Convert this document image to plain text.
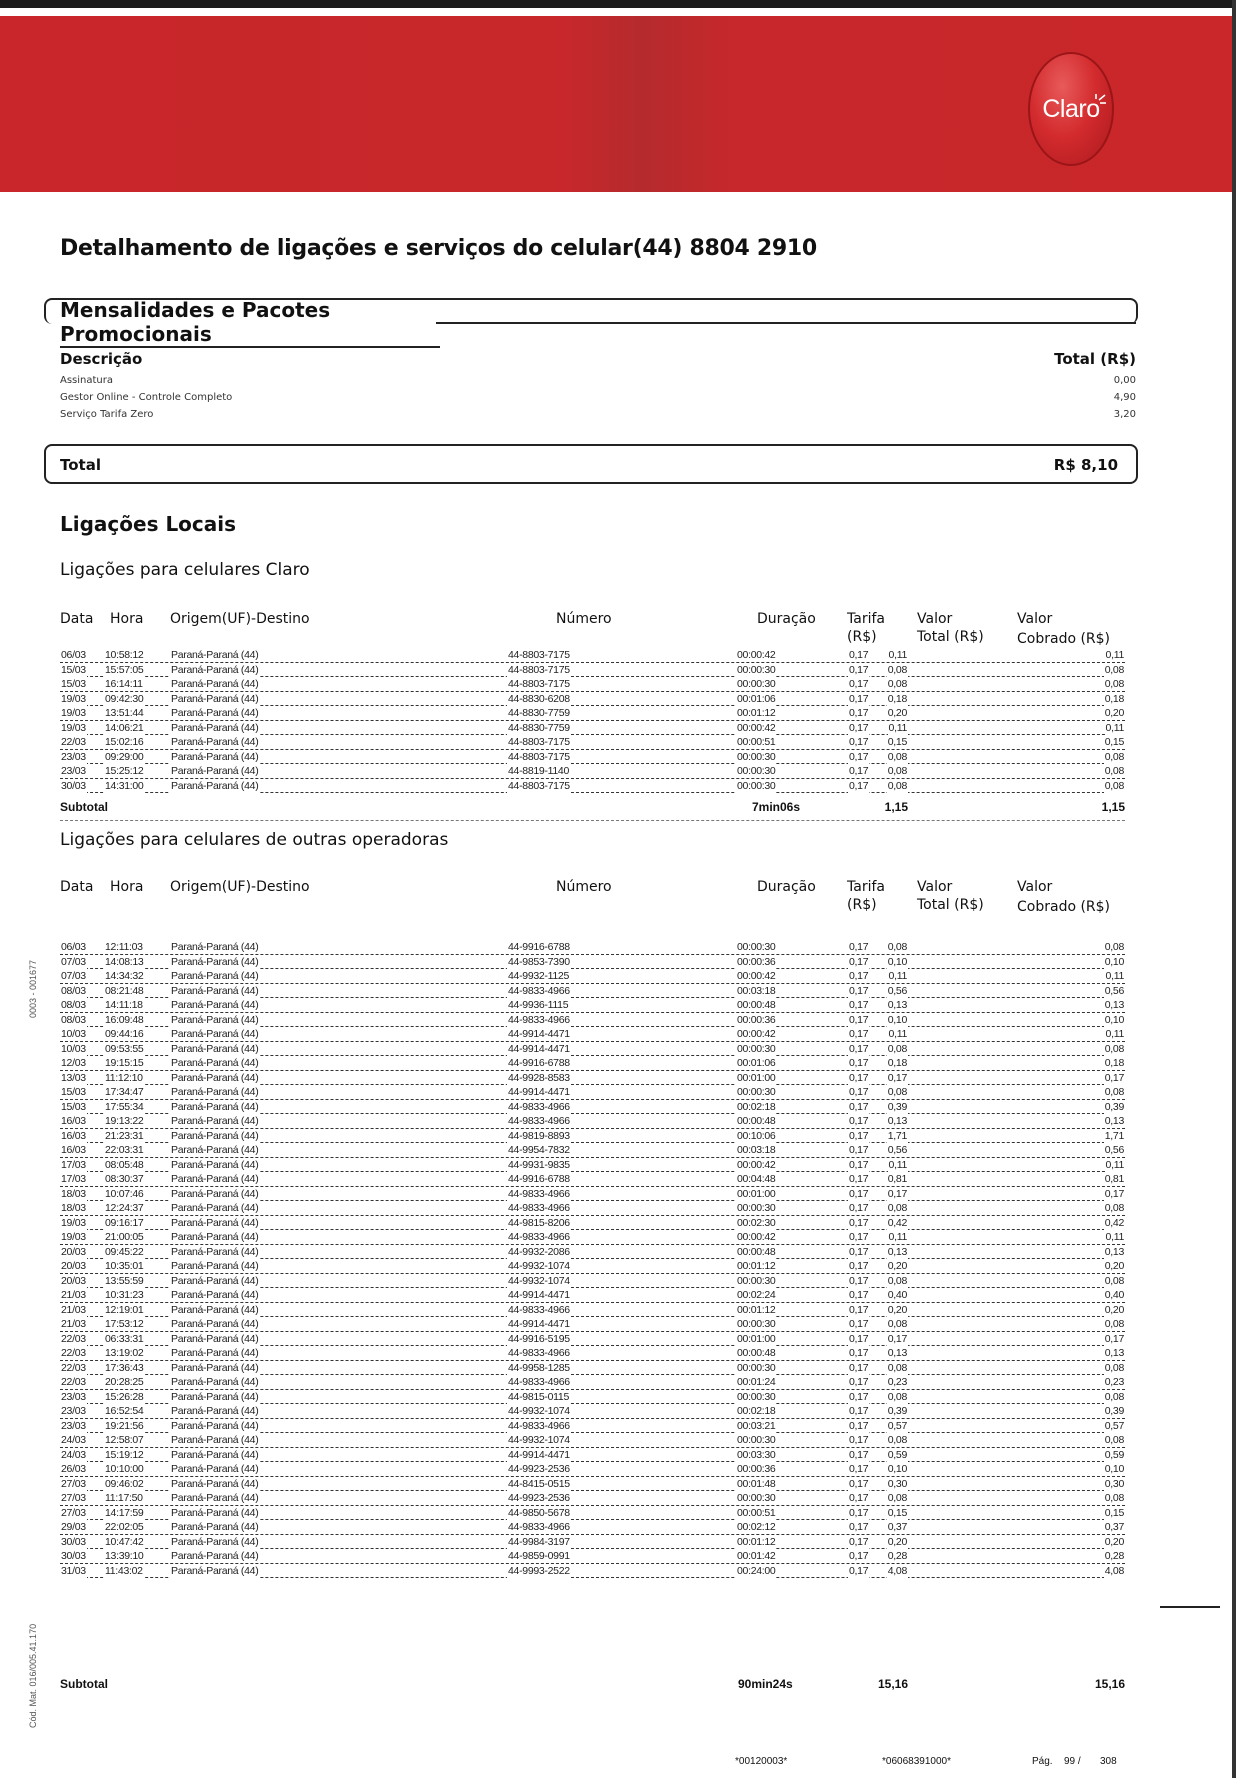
Claro
Detalhamento de ligações e serviços do celular(44) 8804 2910
Mensalidades e Pacotes Promocionais
Descrição	Total (R$)
Assinatura	0,00
Gestor Online - Controle Completo	4,90
Serviço Tarifa Zero	3,20
Total	R$ 8,10
Ligações Locais
Ligações para celulares Claro
Data Hora Origem(UF)-Destino	Número	Duração Tarifa
(R$)
Valor
Total (R$)
Valor
Cobrado (R$)
06/03 10:58:12	Paraná-Paraná (44)	44-8803-7175	00:00:42	0,17 0,11	0,11
15/03 15:57:05	Paraná-Paraná (44)	44-8803-7175	00:00:30	0,17 0,08	0,08
15/03 16:14:11	Paraná-Paraná (44)	44-8803-7175	00:00:30	0,17 0,08	0,08
19/03 09:42:30	Paraná-Paraná (44)	44-8830-6208	00:01:06	0,17 0,18	0,18
19/03 13:51:44	Paraná-Paraná (44)	44-8830-7759	00:01:12	0,17 0,20	0,20
19/03 14:06:21	Paraná-Paraná (44)	44-8830-7759	00:00:42	0,17 0,11	0,11
22/03 15:02:16	Paraná-Paraná (44)	44-8803-7175	00:00:51	0,17 0,15	0,15
23/03 09:29:00	Paraná-Paraná (44)	44-8803-7175	00:00:30	0,17 0,08	0,08
23/03 15:25:12	Paraná-Paraná (44)	44-8819-1140	00:00:30	0,17 0,08	0,08
30/03 14:31:00	Paraná-Paraná (44)	44-8803-7175	00:00:30	0,17 0,08	0,08
Subtotal	7min06s	1,15	1,15
Ligações para celulares de outras operadoras
Data Hora Origem(UF)-Destino	Número	Duração Tarifa
(R$)
Valor
Total (R$)
Valor
Cobrado (R$)
06/03 12:11:03	Paraná-Paraná (44)	44-9916-6788	00:00:30	0,17 0,08	0,08
07/03 14:08:13	Paraná-Paraná (44)	44-9853-7390	00:00:36	0,17 0,10	0,10
07/03 14:34:32	Paraná-Paraná (44)	44-9932-1125	00:00:42	0,17 0,11	0,11
08/03 08:21:48	Paraná-Paraná (44)	44-9833-4966	00:03:18	0,17 0,56	0,56
08/03 14:11:18	Paraná-Paraná (44)	44-9936-1115	00:00:48	0,17 0,13	0,13
08/03 16:09:48	Paraná-Paraná (44)	44-9833-4966	00:00:36	0,17 0,10	0,10
10/03 09:44:16	Paraná-Paraná (44)	44-9914-4471	00:00:42	0,17 0,11	0,11
10/03 09:53:55	Paraná-Paraná (44)	44-9914-4471	00:00:30	0,17 0,08	0,08
12/03 19:15:15	Paraná-Paraná (44)	44-9916-6788	00:01:06	0,17 0,18	0,18
13/03 11:12:10	Paraná-Paraná (44)	44-9928-8583	00:01:00	0,17 0,17	0,17
15/03 17:34:47	Paraná-Paraná (44)	44-9914-4471	00:00:30	0,17 0,08	0,08
15/03 17:55:34	Paraná-Paraná (44)	44-9833-4966	00:02:18	0,17 0,39	0,39
16/03 19:13:22	Paraná-Paraná (44)	44-9833-4966	00:00:48	0,17 0,13	0,13
16/03 21:23:31	Paraná-Paraná (44)	44-9819-8893	00:10:06	0,17 1,71	1,71
16/03 22:03:31	Paraná-Paraná (44)	44-9954-7832	00:03:18	0,17 0,56	0,56
17/03 08:05:48	Paraná-Paraná (44)	44-9931-9835	00:00:42	0,17 0,11	0,11
17/03 08:30:37	Paraná-Paraná (44)	44-9916-6788	00:04:48	0,17 0,81	0,81
18/03 10:07:46	Paraná-Paraná (44)	44-9833-4966	00:01:00	0,17 0,17	0,17
18/03 12:24:37	Paraná-Paraná (44)	44-9833-4966	00:00:30	0,17 0,08	0,08
19/03 09:16:17	Paraná-Paraná (44)	44-9815-8206	00:02:30	0,17 0,42	0,42
19/03 21:00:05	Paraná-Paraná (44)	44-9833-4966	00:00:42	0,17 0,11	0,11
20/03 09:45:22	Paraná-Paraná (44)	44-9932-2086	00:00:48	0,17 0,13	0,13
20/03 10:35:01	Paraná-Paraná (44)	44-9932-1074	00:01:12	0,17 0,20	0,20
20/03 13:55:59	Paraná-Paraná (44)	44-9932-1074	00:00:30	0,17 0,08	0,08
21/03 10:31:23	Paraná-Paraná (44)	44-9914-4471	00:02:24	0,17 0,40	0,40
21/03 12:19:01	Paraná-Paraná (44)	44-9833-4966	00:01:12	0,17 0,20	0,20
21/03 17:53:12	Paraná-Paraná (44)	44-9914-4471	00:00:30	0,17 0,08	0,08
22/03 06:33:31	Paraná-Paraná (44)	44-9916-5195	00:01:00	0,17 0,17	0,17
22/03 13:19:02	Paraná-Paraná (44)	44-9833-4966	00:00:48	0,17 0,13	0,13
22/03 17:36:43	Paraná-Paraná (44)	44-9958-1285	00:00:30	0,17 0,08	0,08
22/03 20:28:25	Paraná-Paraná (44)	44-9833-4966	00:01:24	0,17 0,23	0,23
23/03 15:26:28	Paraná-Paraná (44)	44-9815-0115	00:00:30	0,17 0,08	0,08
23/03 16:52:54	Paraná-Paraná (44)	44-9932-1074	00:02:18	0,17 0,39	0,39
23/03 19:21:56	Paraná-Paraná (44)	44-9833-4966	00:03:21	0,17 0,57	0,57
24/03 12:58:07	Paraná-Paraná (44)	44-9932-1074	00:00:30	0,17 0,08	0,08
24/03 15:19:12	Paraná-Paraná (44)	44-9914-4471	00:03:30	0,17 0,59	0,59
26/03 10:10:00	Paraná-Paraná (44)	44-9923-2536	00:00:36	0,17 0,10	0,10
27/03 09:46:02	Paraná-Paraná (44)	44-8415-0515	00:01:48	0,17 0,30	0,30
27/03 11:17:50	Paraná-Paraná (44)	44-9923-2536	00:00:30	0,17 0,08	0,08
27/03 14:17:59	Paraná-Paraná (44)	44-9850-5678	00:00:51	0,17 0,15	0,15
29/03 22:02:05	Paraná-Paraná (44)	44-9833-4966	00:02:12	0,17 0,37	0,37
30/03 10:47:42	Paraná-Paraná (44)	44-9984-3197	00:01:12	0,17 0,20	0,20
30/03 13:39:10	Paraná-Paraná (44)	44-9859-0991	00:01:42	0,17 0,28	0,28
31/03 11:43:02	Paraná-Paraná (44)	44-9993-2522	00:24:00	0,17 4,08	4,08
Subtotal	90min24s	15,16	15,16
0003 - 001677
Cód. Mat. 016/005.41.170
*00120003*	*06068391000*	Pág. 99 / 308
